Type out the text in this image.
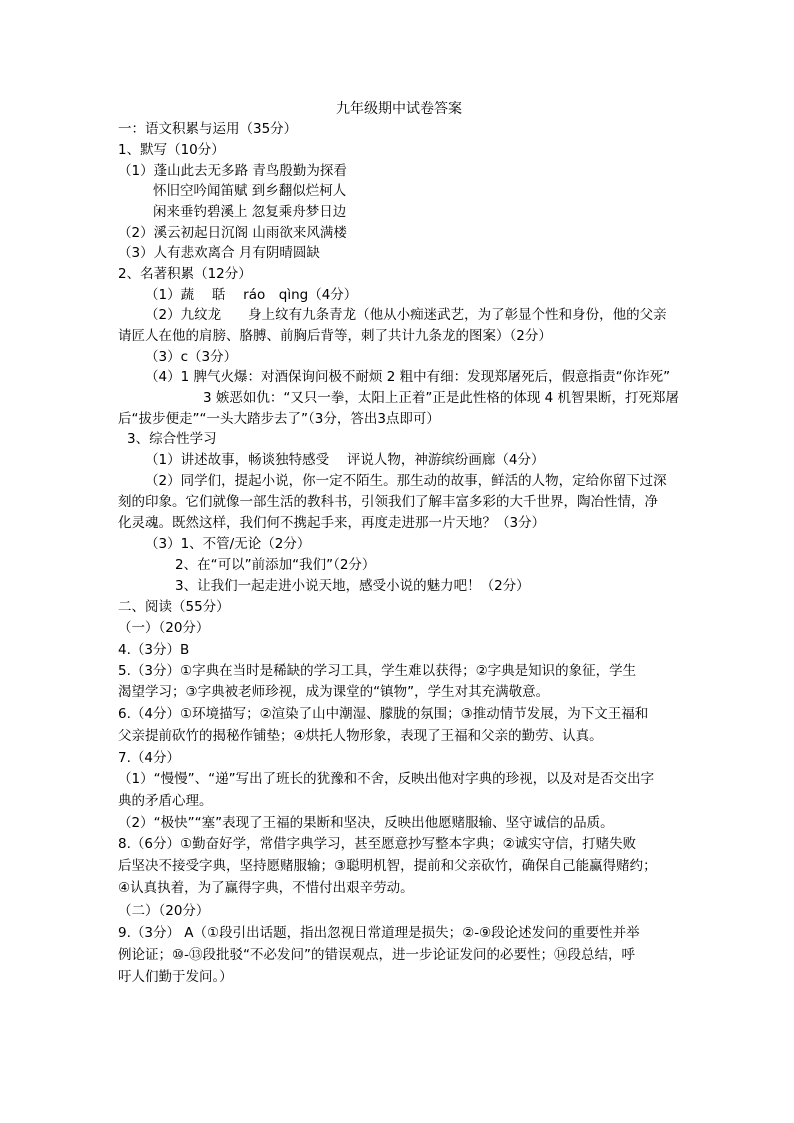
九年级期中试卷答案
一：语文积累与运用（35分）
1、默写（10分）
（1）蓬山此去无多路 青鸟殷勤为探看
怀旧空吟闻笛赋 到乡翻似烂柯人
闲来垂钓碧溪上 忽复乘舟梦日边
（2）溪云初起日沉阁 山雨欲来风满楼
（3）人有悲欢离合 月有阴晴圆缺
2、名著积累（12分）
（1）蔬　 聒　 ráo　qìng（4分）
（2）九纹龙　　身上纹有九条青龙（他从小痴迷武艺，为了彰显个性和身份，他的父亲
请匠人在他的肩膀、胳膊、前胸后背等，刺了共计九条龙的图案）（2分）
（3）c（3分）
（4）1 脾气火爆：对酒保询问极不耐烦 2 粗中有细：发现郑屠死后，假意指责“你诈死”
3 嫉恶如仇：“又只一拳，太阳上正着”正是此性格的体现 4 机智果断，打死郑屠
后“拔步便走”“一头大踏步去了”（3分，答出3点即可）
3、综合性学习
（1）讲述故事，畅谈独特感受　 评说人物，神游缤纷画廊（4分）
（2）同学们，提起小说，你一定不陌生。那生动的故事，鲜活的人物，定给你留下过深
刻的印象。它们就像一部生活的教科书，引领我们了解丰富多彩的大千世界，陶冶性情，净
化灵魂。既然这样，我们何不携起手来，再度走进那一片天地？（3分）
（3）1、不管/无论（2分）
2、在“可以”前添加“我们”（2分）
3、让我们一起走进小说天地，感受小说的魅力吧！（2分）
二、阅读（55分）
（一）（20分）
4.（3分）B
5.（3分）①字典在当时是稀缺的学习工具，学生难以获得；②字典是知识的象征，学生
渴望学习；③字典被老师珍视，成为课堂的“镇物”，学生对其充满敬意。
6.（4分）①环境描写；②渲染了山中潮湿、朦胧的氛围；③推动情节发展，为下文王福和
父亲提前砍竹的揭秘作铺垫；④烘托人物形象，表现了王福和父亲的勤劳、认真。
7.（4分）
（1）“慢慢”、“递”写出了班长的犹豫和不舍，反映出他对字典的珍视，以及对是否交出字
典的矛盾心理。
（2）“极快”“塞”表现了王福的果断和坚决，反映出他愿赌服输、坚守诚信的品质。
8.（6分）①勤奋好学，常借字典学习，甚至愿意抄写整本字典；②诚实守信，打赌失败
后坚决不接受字典，坚持愿赌服输；③聪明机智，提前和父亲砍竹，确保自己能赢得赌约；
④认真执着，为了赢得字典，不惜付出艰辛劳动。
（二）（20分）
9.（3分） A（①段引出话题，指出忽视日常道理是损失；②-⑨段论述发问的重要性并举
例论证；⑩-⑬段批驳“不必发问”的错误观点，进一步论证发问的必要性；⑭段总结，呼
吁人们勤于发问。）
